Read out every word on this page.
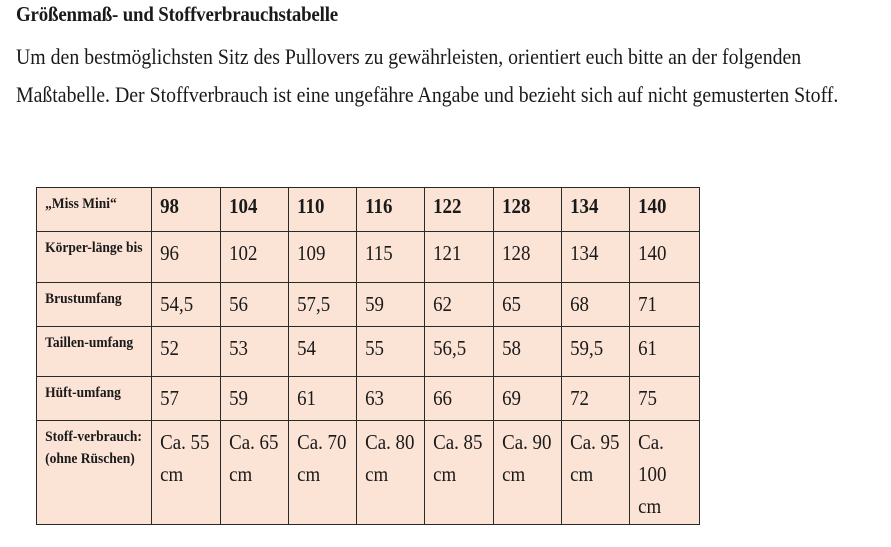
Größenmaß- und Stoffverbrauchstabelle

Um den bestmöglichsten Sitz des Pullovers zu gewährleisten, orientiert euch bitte an der folgenden Maßtabelle. Der Stoffverbrauch ist eine ungefähre Angabe und bezieht sich auf nicht gemusterten Stoff.

„Miss Mini“	98	104	110	116	122	128	134	140

Körper-länge bis	96	102	109	115	121	128	134	140

Brustumfang	54,5	56	57,5	59	62	65	68	71

Taillen-umfang	52	53	54	55	56,5	58	59,5	61

Hüft-umfang	57	59	61	63	66	69	72	75

Stoff-verbrauch: (ohne Rüschen)	Ca. 55 cm	Ca. 65 cm	Ca. 70 cm	Ca. 80 cm	Ca. 85 cm	Ca. 90 cm	Ca. 95 cm	Ca. 100 cm
